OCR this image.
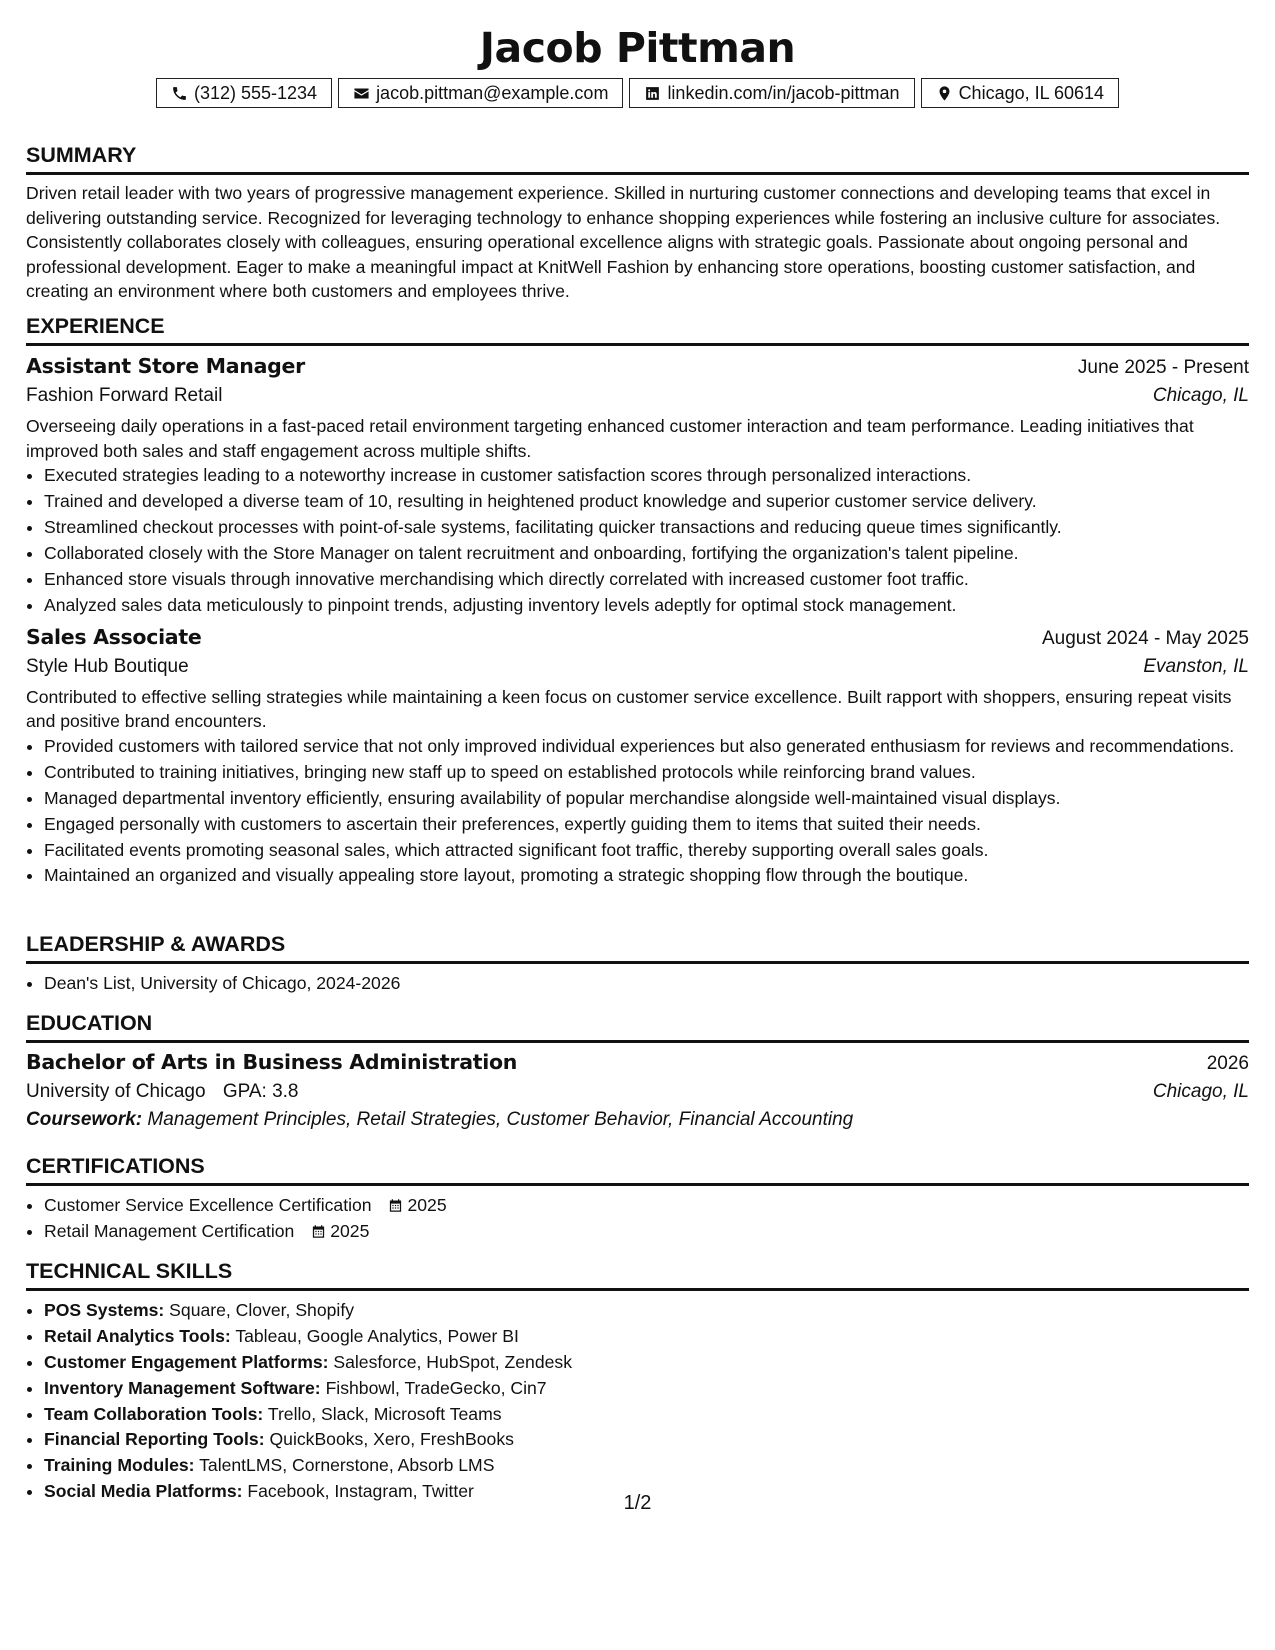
Jacob Pittman
(312) 555-1234	jacob.pittman@example.com	linkedin.com/in/jacob-pittman	Chicago, IL 60614
SUMMARY
Driven retail leader with two years of progressive management experience. Skilled in nurturing customer connections and developing teams that excel in delivering outstanding service. Recognized for leveraging technology to enhance shopping experiences while fostering an inclusive culture for associates. Consistently collaborates closely with colleagues, ensuring operational excellence aligns with strategic goals. Passionate about ongoing personal and professional development. Eager to make a meaningful impact at KnitWell Fashion by enhancing store operations, boosting customer satisfaction, and creating an environment where both customers and employees thrive.
EXPERIENCE
Assistant Store Manager	June 2025 - Present
Fashion Forward Retail	Chicago, IL
Overseeing daily operations in a fast-paced retail environment targeting enhanced customer interaction and team performance. Leading initiatives that improved both sales and staff engagement across multiple shifts.
• Executed strategies leading to a noteworthy increase in customer satisfaction scores through personalized interactions.
• Trained and developed a diverse team of 10, resulting in heightened product knowledge and superior customer service delivery.
• Streamlined checkout processes with point-of-sale systems, facilitating quicker transactions and reducing queue times significantly.
• Collaborated closely with the Store Manager on talent recruitment and onboarding, fortifying the organization's talent pipeline.
• Enhanced store visuals through innovative merchandising which directly correlated with increased customer foot traffic.
• Analyzed sales data meticulously to pinpoint trends, adjusting inventory levels adeptly for optimal stock management.
Sales Associate	August 2024 - May 2025
Style Hub Boutique	Evanston, IL
Contributed to effective selling strategies while maintaining a keen focus on customer service excellence. Built rapport with shoppers, ensuring repeat visits and positive brand encounters.
• Provided customers with tailored service that not only improved individual experiences but also generated enthusiasm for reviews and recommendations.
• Contributed to training initiatives, bringing new staff up to speed on established protocols while reinforcing brand values.
• Managed departmental inventory efficiently, ensuring availability of popular merchandise alongside well-maintained visual displays.
• Engaged personally with customers to ascertain their preferences, expertly guiding them to items that suited their needs.
• Facilitated events promoting seasonal sales, which attracted significant foot traffic, thereby supporting overall sales goals.
• Maintained an organized and visually appealing store layout, promoting a strategic shopping flow through the boutique.
LEADERSHIP & AWARDS
• Dean's List, University of Chicago, 2024-2026
EDUCATION
Bachelor of Arts in Business Administration	2026
University of Chicago GPA: 3.8	Chicago, IL
Coursework: Management Principles, Retail Strategies, Customer Behavior, Financial Accounting
CERTIFICATIONS
• Customer Service Excellence Certification 2025
• Retail Management Certification 2025
TECHNICAL SKILLS
• POS Systems: Square, Clover, Shopify
• Retail Analytics Tools: Tableau, Google Analytics, Power BI
• Customer Engagement Platforms: Salesforce, HubSpot, Zendesk
• Inventory Management Software: Fishbowl, TradeGecko, Cin7
• Team Collaboration Tools: Trello, Slack, Microsoft Teams
• Financial Reporting Tools: QuickBooks, Xero, FreshBooks
• Training Modules: TalentLMS, Cornerstone, Absorb LMS
• Social Media Platforms: Facebook, Instagram, Twitter
1/2
